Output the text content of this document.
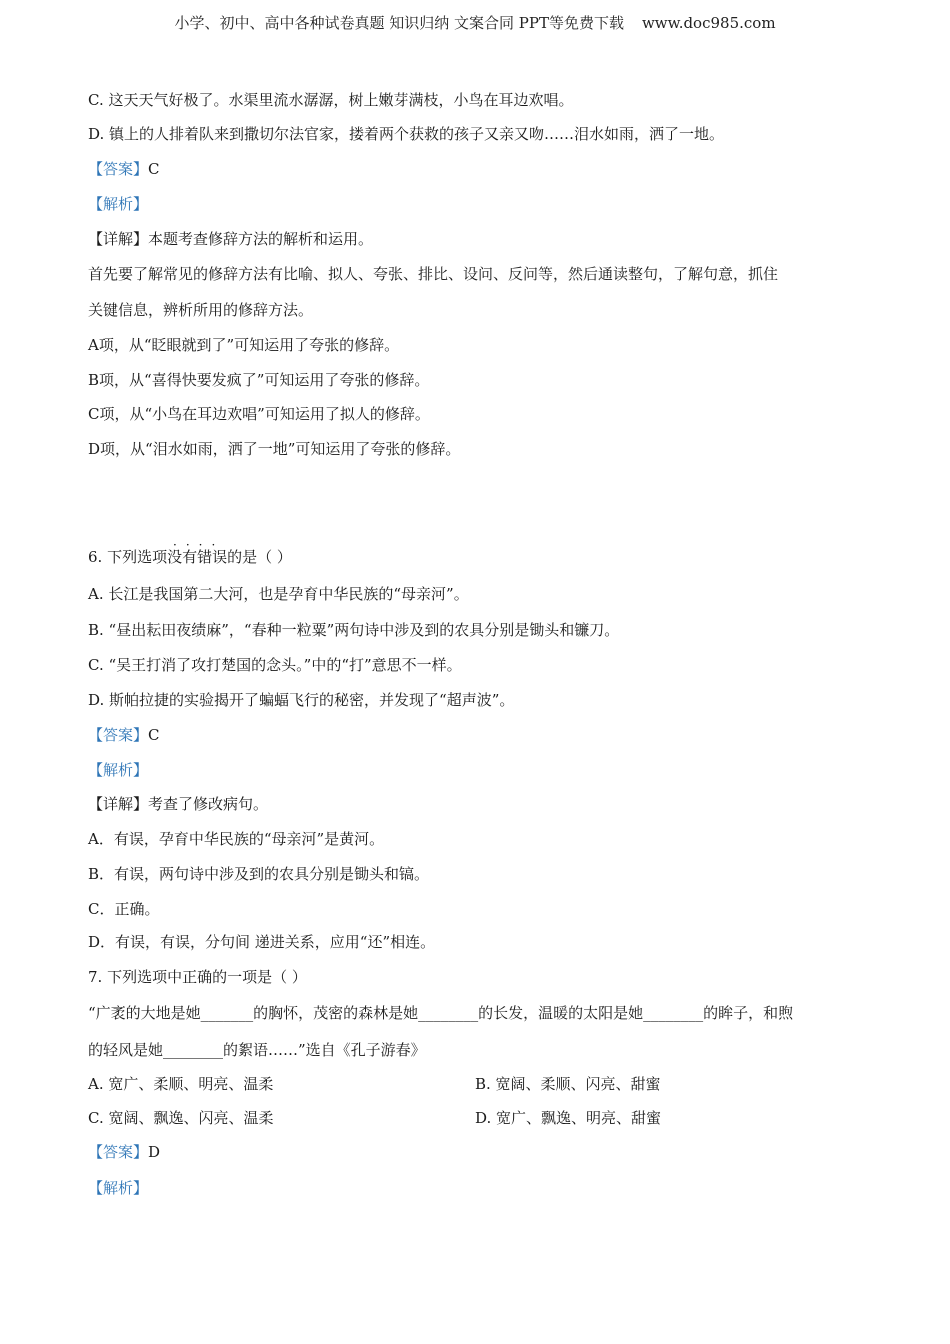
小学、初中、高中各种试卷真题 知识归纳 文案合同 PPT等免费下载 www.doc985.com
C. 这天天气好极了。水渠里流水潺潺，树上嫩芽满枝，小鸟在耳边欢唱。
D. 镇上的人排着队来到撒切尔法官家，搂着两个获救的孩子又亲又吻……泪水如雨，洒了一地。
【答案】C
【解析】
【详解】本题考查修辞方法的解析和运用。
首先要了解常见的修辞方法有比喻、拟人、夸张、排比、设问、反问等，然后通读整句，了解句意，抓住
关键信息，辨析所用的修辞方法。
A项，从“眨眼就到了”可知运用了夸张的修辞。
B项，从“喜得快要发疯了”可知运用了夸张的修辞。
C项，从“小鸟在耳边欢唱”可知运用了拟人的修辞。
D项，从“泪水如雨，洒了一地”可知运用了夸张的修辞。
····
6. 下列选项没有错误的是（ ）
A. 长江是我国第二大河，也是孕育中华民族的“母亲河”。
B. “昼出耘田夜绩麻”，“春种一粒粟”两句诗中涉及到的农具分别是锄头和镰刀。
C. “吴王打消了攻打楚国的念头。”中的“打”意思不一样。
D. 斯帕拉捷的实验揭开了蝙蝠飞行的秘密，并发现了“超声波”。
【答案】C
【解析】
【详解】考查了修改病句。
A．有误，孕育中华民族的“母亲河”是黄河。
B．有误，两句诗中涉及到的农具分别是锄头和镐。
C．正确。
D．有误，有误，分句间 递进关系，应用“还”相连。
7. 下列选项中正确的一项是（ ）
“广袤的大地是她_______的胸怀，茂密的森林是她________的长发，温暖的太阳是她________的眸子，和煦
的轻风是她________的絮语……”选自《孔子游春》
A. 宽广、柔顺、明亮、温柔	B. 宽阔、柔顺、闪亮、甜蜜
C. 宽阔、飘逸、闪亮、温柔	D. 宽广、飘逸、明亮、甜蜜
【答案】D
【解析】
